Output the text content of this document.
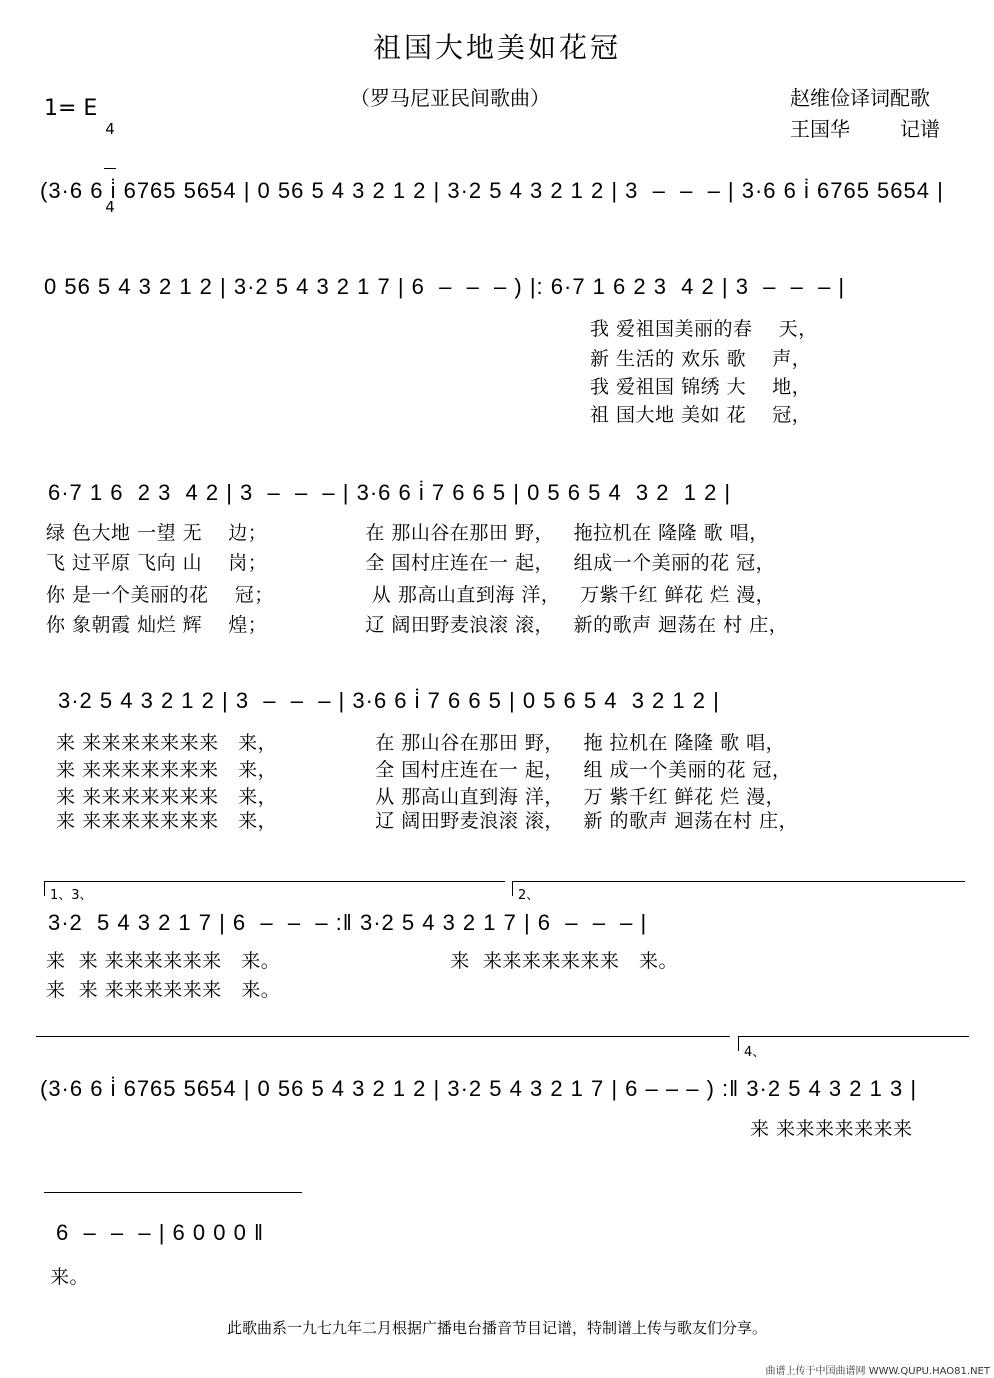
祖国大地美如花冠
（罗马尼亚民间歌曲）
1= E

4

4

赵维俭译词配歌
王国华	记谱
(3·6 6 i̇ 6765 5654 | 0 56 5 4 3 2 1 2 | 3·2 5 4 3 2 1 2 | 3  –  –  – | 3·6 6 i̇ 6765 5654 |
0 56 5 4 3 2 1 2 | 3·2 5 4 3 2 1 7 | 6  –  –  – ) |: 6·7 1 6 2 3  4 2 | 3  –  –  – |
我 爱祖国美丽的春    天，
新 生活的 欢乐 歌    声，
我 爱祖国 锦绣 大    地，
祖 国大地 美如 花    冠，
6·7 1 6  2 3  4 2 | 3  –  –  – | 3·6 6 i̇ 7 6 6 5 | 0 5 6 5 4  3 2  1 2 |
绿 色大地 一望 无    边；               在 那山谷在那田 野，   拖拉机在 隆隆 歌 唱，
飞 过平原 飞向 山    岗；               全 国村庄连在一 起，   组成一个美丽的花 冠，
你 是一个美丽的花    冠；               从 那高山直到海 洋，   万紫千红 鲜花 烂 漫，
你 象朝霞 灿烂 辉    煌；               辽 阔田野麦浪滚 滚，   新的歌声 迴荡在 村 庄，
3·2 5 4 3 2 1 2 | 3  –  –  – | 3·6 6 i̇ 7 6 6 5 | 0 5 6 5 4  3 2 1 2 |
来 来来来来来来来   来，               在 那山谷在那田 野，   拖 拉机在 隆隆 歌 唱，
来 来来来来来来来   来，               全 国村庄连在一 起，   组 成一个美丽的花 冠，
来 来来来来来来来   来，               从 那高山直到海 洋，   万 紫千红 鲜花 烂 漫，
来 来来来来来来来   来，               辽 阔田野麦浪滚 滚，   新 的歌声 迴荡在村 庄，
1、3、	2、
3·2  5 4 3 2 1 7 | 6  –  –  – :‖ 3·2 5 4 3 2 1 7 | 6  –  –  – |
来  来 来来来来来来   来。                          来  来来来来来来来   来。
来  来 来来来来来来   来。
4、
(3·6 6 i̇ 6765 5654 | 0 56 5 4 3 2 1 2 | 3·2 5 4 3 2 1 7 | 6 – – – ) :‖ 3·2 5 4 3 2 1 3 |
来 来来来来来来来
6  –  –  – | 6 0 0 0 ‖
来。
此歌曲系一九七九年二月根据广播电台播音节目记谱，特制谱上传与歌友们分享。
曲谱上传于中国曲谱网 WWW.QUPU.HAO81.NET
